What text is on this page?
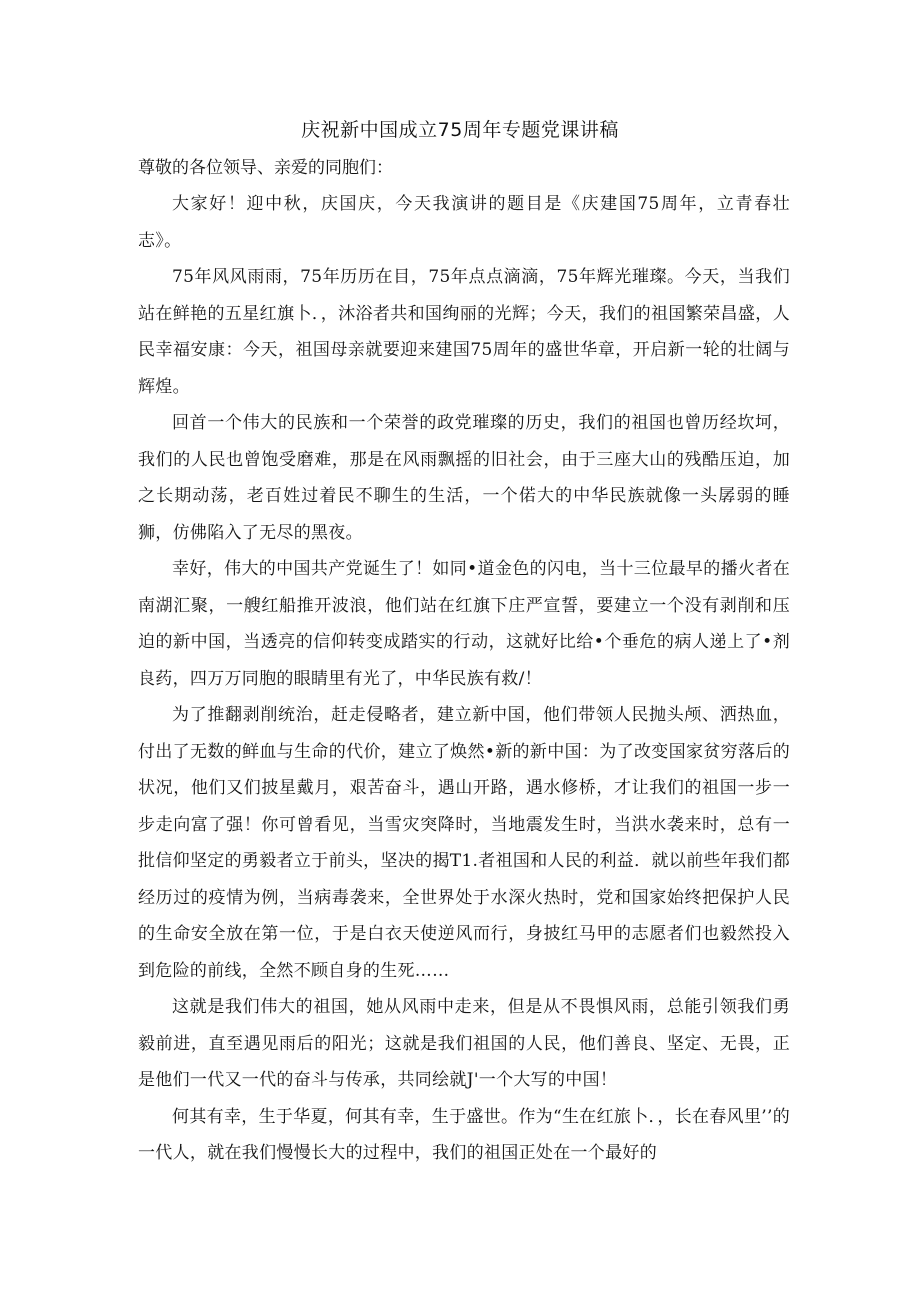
庆祝新中国成立75周年专题党课讲稿

尊敬的各位领导、亲爱的同胞们：

大家好！迎中秋，庆国庆，今天我演讲的题目是《庆建国75周年，立青春壮志》。

75年风风雨雨，75年历历在目，75年点点滴滴，75年辉光璀璨。今天，当我们站在鲜艳的五星红旗卜．，沐浴者共和国绚丽的光辉；今天，我们的祖国繁荣昌盛，人民幸福安康：今天，祖国母亲就要迎来建国75周年的盛世华章，开启新一轮的壮阔与辉煌。

回首一个伟大的民族和一个荣誉的政党璀璨的历史，我们的祖国也曾历经坎坷，我们的人民也曾饱受磨难，那是在风雨飘摇的旧社会，由于三座大山的残酷压迫，加之长期动荡，老百姓过着民不聊生的生活，一个偌大的中华民族就像一头孱弱的睡狮，仿佛陷入了无尽的黑夜。

幸好，伟大的中国共产党诞生了！如同•道金色的闪电，当十三位最早的播火者在南湖汇聚，一艘红船推开波浪，他们站在红旗下庄严宣誓，要建立一个没有剥削和压迫的新中国，当透亮的信仰转变成踏实的行动，这就好比给•个垂危的病人递上了•剂良药，四万万同胞的眼睛里有光了，中华民族有救/！

为了推翻剥削统治，赶走侵略者，建立新中国，他们带领人民抛头颅、洒热血，付出了无数的鲜血与生命的代价，建立了焕然•新的新中国：为了改变国家贫穷落后的状况，他们又们披星戴月，艰苦奋斗，遇山开路，遇水修桥，才让我们的祖国一步一步走向富了强！你可曾看见，当雪灾突降时，当地震发生时，当洪水袭来时，总有一批信仰坚定的勇毅者立于前头，坚决的揭T1.者祖国和人民的利益．就以前些年我们都经历过的疫情为例，当病毒袭来，全世界处于水深火热时，党和国家始终把保护人民的生命安全放在第一位，于是白衣天使逆风而行，身披红马甲的志愿者们也毅然投入到危险的前线，全然不顾自身的生死……

这就是我们伟大的祖国，她从风雨中走来，但是从不畏惧风雨，总能引领我们勇毅前进，直至遇见雨后的阳光；这就是我们祖国的人民，他们善良、坚定、无畏，正是他们一代又一代的奋斗与传承，共同绘就J'一个大写的中国！

何其有幸，生于华夏，何其有幸，生于盛世。作为“生在红旅卜．，长在春风里’’的一代人，就在我们慢慢长大的过程中，我们的祖国正处在一个最好的
